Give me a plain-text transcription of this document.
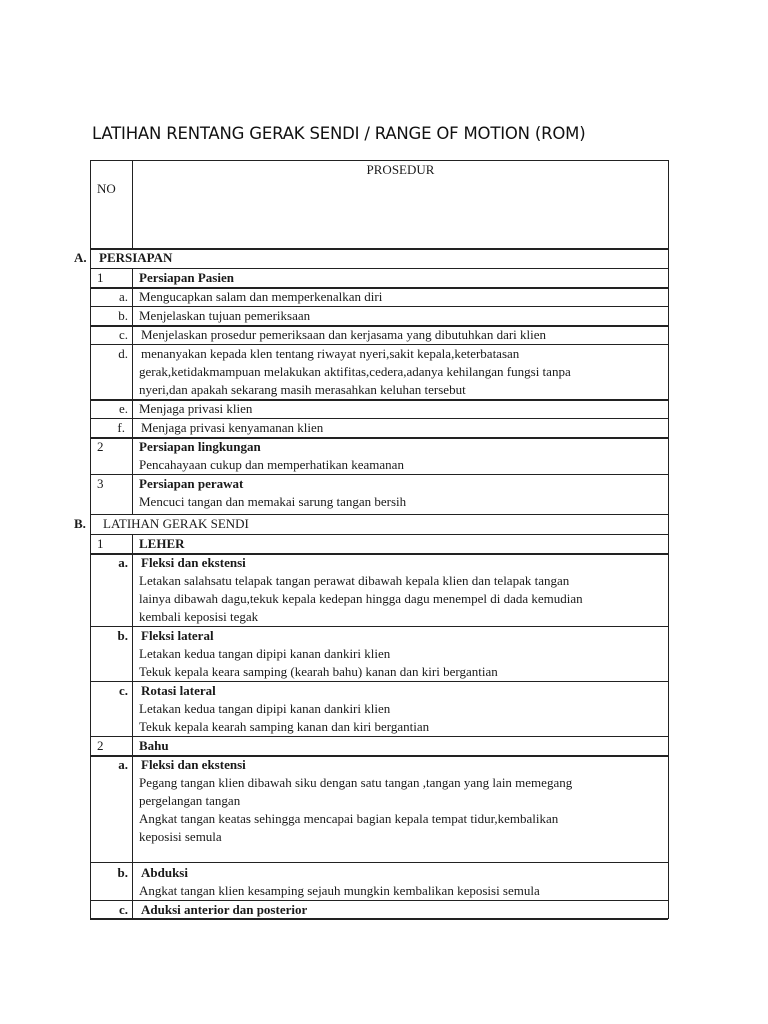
LATIHAN RENTANG GERAK SENDI / RANGE OF MOTION (ROM)
NO
PROSEDUR
A. PERSIAPAN
1	Persiapan Pasien
a. Mengucapkan salam dan memperkenalkan diri
b. Menjelaskan tujuan pemeriksaan
c. Menjelaskan prosedur pemeriksaan dan kerjasama yang dibutuhkan dari klien
d. menanyakan kepada klen tentang riwayat nyeri,sakit kepala,keterbatasan
gerak,ketidakmampuan melakukan aktifitas,cedera,adanya kehilangan fungsi tanpa
nyeri,dan apakah sekarang masih merasahkan keluhan tersebut
e. Menjaga privasi klien
f. Menjaga privasi kenyamanan klien
2	Persiapan lingkungan
Pencahayaan cukup dan memperhatikan keamanan
3	Persiapan perawat
Mencuci tangan dan memakai sarung tangan bersih
B. LATIHAN GERAK SENDI
1	LEHER
a. Fleksi dan ekstensi
Letakan salahsatu telapak tangan perawat dibawah kepala klien dan telapak tangan
lainya dibawah dagu,tekuk kepala kedepan hingga dagu menempel di dada kemudian
kembali keposisi tegak
b. Fleksi lateral
Letakan kedua tangan dipipi kanan dankiri klien
Tekuk kepala keara samping (kearah bahu) kanan dan kiri bergantian
c. Rotasi lateral
Letakan kedua tangan dipipi kanan dankiri klien
Tekuk kepala kearah samping kanan dan kiri bergantian
2	Bahu
a. Fleksi dan ekstensi
Pegang tangan klien dibawah siku dengan satu tangan ,tangan yang lain memegang
pergelangan tangan
Angkat tangan keatas sehingga mencapai bagian kepala tempat tidur,kembalikan
keposisi semula
b. Abduksi
Angkat tangan klien kesamping sejauh mungkin kembalikan keposisi semula
c. Aduksi anterior dan posterior
